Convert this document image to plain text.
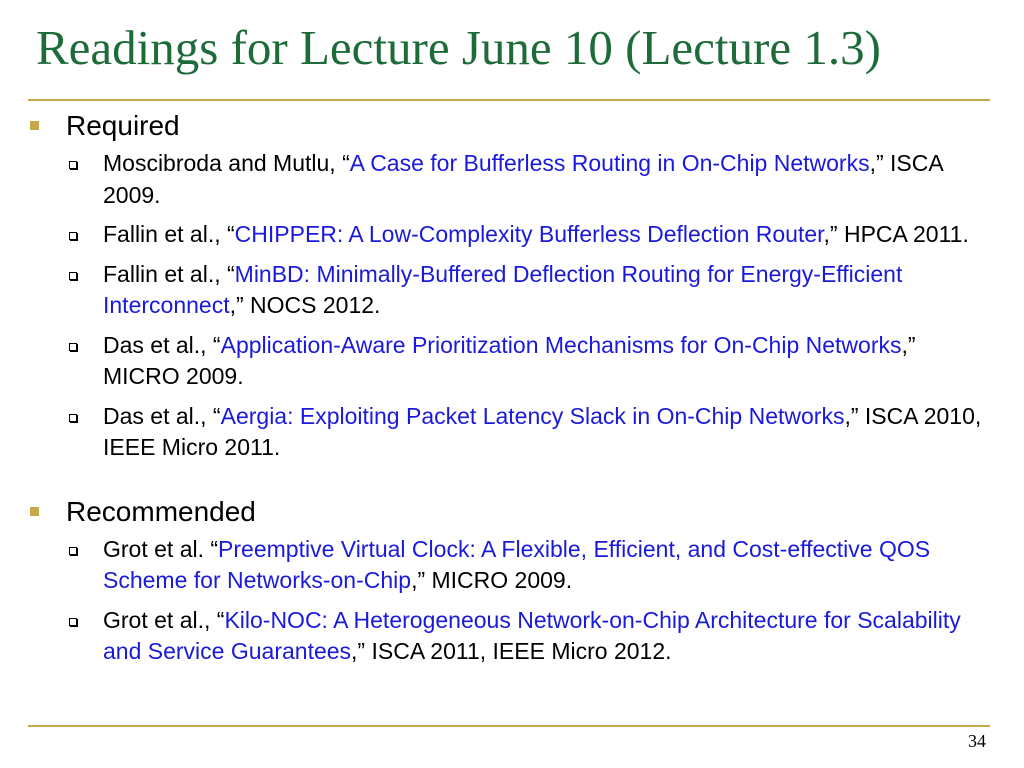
Readings for Lecture June 10 (Lecture 1.3)
Required
Moscibroda and Mutlu, “A Case for Bufferless Routing in On-Chip Networks,” ISCA 2009.
Fallin et al., “CHIPPER: A Low-Complexity Bufferless Deflection Router,” HPCA 2011.
Fallin et al., “MinBD: Minimally-Buffered Deflection Routing for Energy-Efficient Interconnect,” NOCS 2012.
Das et al., “Application-Aware Prioritization Mechanisms for On-Chip Networks,” MICRO 2009.
Das et al., “Aergia: Exploiting Packet Latency Slack in On-Chip Networks,” ISCA 2010, IEEE Micro 2011.
Recommended
Grot et al. “Preemptive Virtual Clock: A Flexible, Efficient, and Cost-effective QOS Scheme for Networks-on-Chip,” MICRO 2009.
Grot et al., “Kilo-NOC: A Heterogeneous Network-on-Chip Architecture for Scalability and Service Guarantees,” ISCA 2011, IEEE Micro 2012.
34
